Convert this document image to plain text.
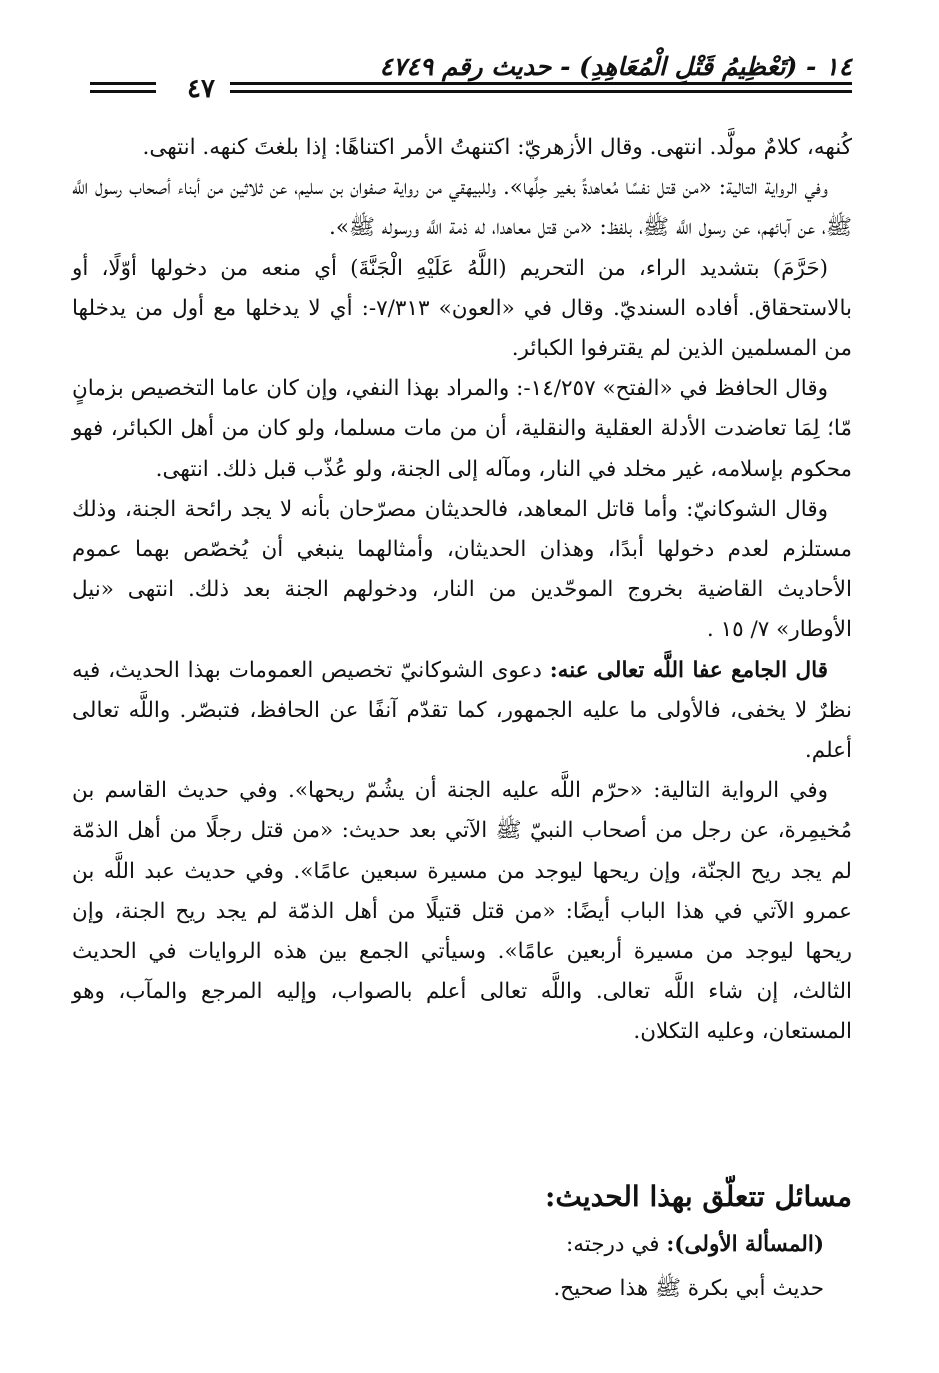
١٤ - (تَعْظِيمُ قَتْلِ الْمُعَاهِدِ) - حديث رقم ٤٧٤٩
٤٧

كُنهه، كلامٌ مولَّد. انتهى. وقال الأزهريّ: اكتنهتُ الأمر اكتناهًا: إذا بلغتَ كنهه. انتهى.

وفي الرواية التالية: «من قتل نفسًا مُعاهدةً بغير حِلِّها». وللبيهقي من رواية صفوان بن سليم، عن ثلاثين من أبناء أصحاب رسول اللَّه ﷺ، عن آبائهم، عن رسول اللَّه ﷺ، بلفظ: «من قتل معاهدا، له ذمة اللَّه ورسوله ﷺ».

(حَرَّمَ) بتشديد الراء، من التحريم (اللَّهُ عَلَيْهِ الْجَنَّةَ) أي منعه من دخولها أوّلًا، أو بالاستحقاق. أفاده السنديّ. وقال في «العون» ٧/٣١٣-: أي لا يدخلها مع أول من يدخلها من المسلمين الذين لم يقترفوا الكبائر.

وقال الحافظ في «الفتح» ١٤/٢٥٧-: والمراد بهذا النفي، وإن كان عاما التخصيص بزمانٍ مّا؛ لِمَا تعاضدت الأدلة العقلية والنقلية، أن من مات مسلما، ولو كان من أهل الكبائر، فهو محكوم بإسلامه، غير مخلد في النار، ومآله إلى الجنة، ولو عُذّب قبل ذلك. انتهى.

وقال الشوكانيّ: وأما قاتل المعاهد، فالحديثان مصرّحان بأنه لا يجد رائحة الجنة، وذلك مستلزم لعدم دخولها أبدًا، وهذان الحديثان، وأمثالهما ينبغي أن يُخصّص بهما عموم الأحاديث القاضية بخروج الموحّدين من النار، ودخولهم الجنة بعد ذلك. انتهى «نيل الأوطار» ٧/ ١٥ .

قال الجامع عفا اللَّه تعالى عنه: دعوى الشوكانيّ تخصيص العمومات بهذا الحديث، فيه نظرٌ لا يخفى، فالأولى ما عليه الجمهور، كما تقدّم آنفًا عن الحافظ، فتبصّر. واللَّه تعالى أعلم.

وفي الرواية التالية: «حرّم اللَّه عليه الجنة أن يشُمّ ريحها». وفي حديث القاسم بن مُخيمِرة، عن رجل من أصحاب النبيّ ﷺ الآتي بعد حديث: «من قتل رجلًا من أهل الذمّة لم يجد ريح الجنّة، وإن ريحها ليوجد من مسيرة سبعين عامًا». وفي حديث عبد اللَّه بن عمرو الآتي في هذا الباب أيضًا: «من قتل قتيلًا من أهل الذمّة لم يجد ريح الجنة، وإن ريحها ليوجد من مسيرة أربعين عامًا». وسيأتي الجمع بين هذه الروايات في الحديث الثالث، إن شاء اللَّه تعالى. واللَّه تعالى أعلم بالصواب، وإليه المرجع والمآب، وهو المستعان، وعليه التكلان.

مسائل تتعلّق بهذا الحديث:
(المسألة الأولى): في درجته:
حديث أبي بكرة ﷺ هذا صحيح.
